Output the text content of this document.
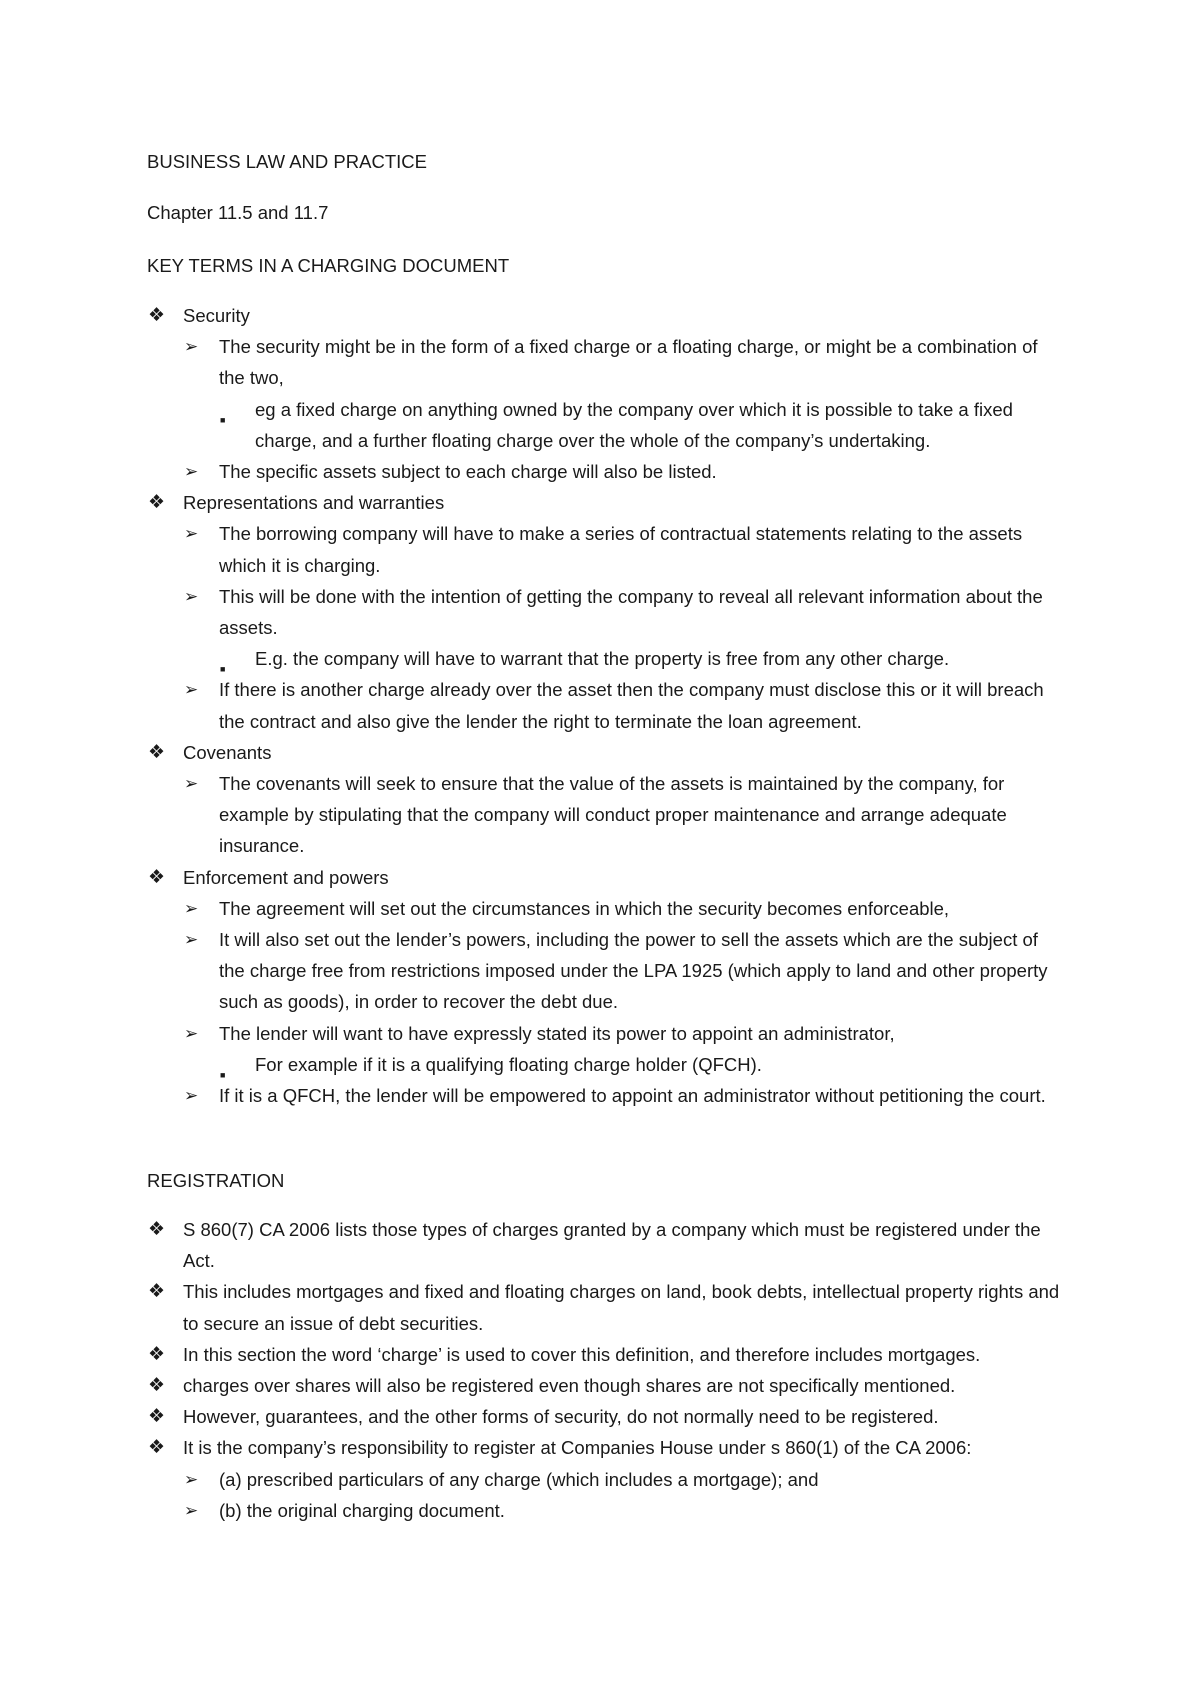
BUSINESS LAW AND PRACTICE

Chapter 11.5 and 11.7

KEY TERMS IN A CHARGING DOCUMENT

❖ Security
➢ The security might be in the form of a fixed charge or a floating charge, or might be a combination of the two,
■ eg a fixed charge on anything owned by the company over which it is possible to take a fixed charge, and a further floating charge over the whole of the company’s undertaking.
➢ The specific assets subject to each charge will also be listed.
❖ Representations and warranties
➢ The borrowing company will have to make a series of contractual statements relating to the assets which it is charging.
➢ This will be done with the intention of getting the company to reveal all relevant information about the assets.
■ E.g. the company will have to warrant that the property is free from any other charge.
➢ If there is another charge already over the asset then the company must disclose this or it will breach the contract and also give the lender the right to terminate the loan agreement.
❖ Covenants
➢ The covenants will seek to ensure that the value of the assets is maintained by the company, for example by stipulating that the company will conduct proper maintenance and arrange adequate insurance.
❖ Enforcement and powers
➢ The agreement will set out the circumstances in which the security becomes enforceable,
➢ It will also set out the lender’s powers, including the power to sell the assets which are the subject of the charge free from restrictions imposed under the LPA 1925 (which apply to land and other property such as goods), in order to recover the debt due.
➢ The lender will want to have expressly stated its power to appoint an administrator,
■ For example if it is a qualifying floating charge holder (QFCH).
➢ If it is a QFCH, the lender will be empowered to appoint an administrator without petitioning the court.

REGISTRATION

❖ S 860(7) CA 2006 lists those types of charges granted by a company which must be registered under the Act.
❖ This includes mortgages and fixed and floating charges on land, book debts, intellectual property rights and to secure an issue of debt securities.
❖ In this section the word ‘charge’ is used to cover this definition, and therefore includes mortgages.
❖ charges over shares will also be registered even though shares are not specifically mentioned.
❖ However, guarantees, and the other forms of security, do not normally need to be registered.
❖ It is the company’s responsibility to register at Companies House under s 860(1) of the CA 2006:
➢ (a) prescribed particulars of any charge (which includes a mortgage); and
➢ (b) the original charging document.
